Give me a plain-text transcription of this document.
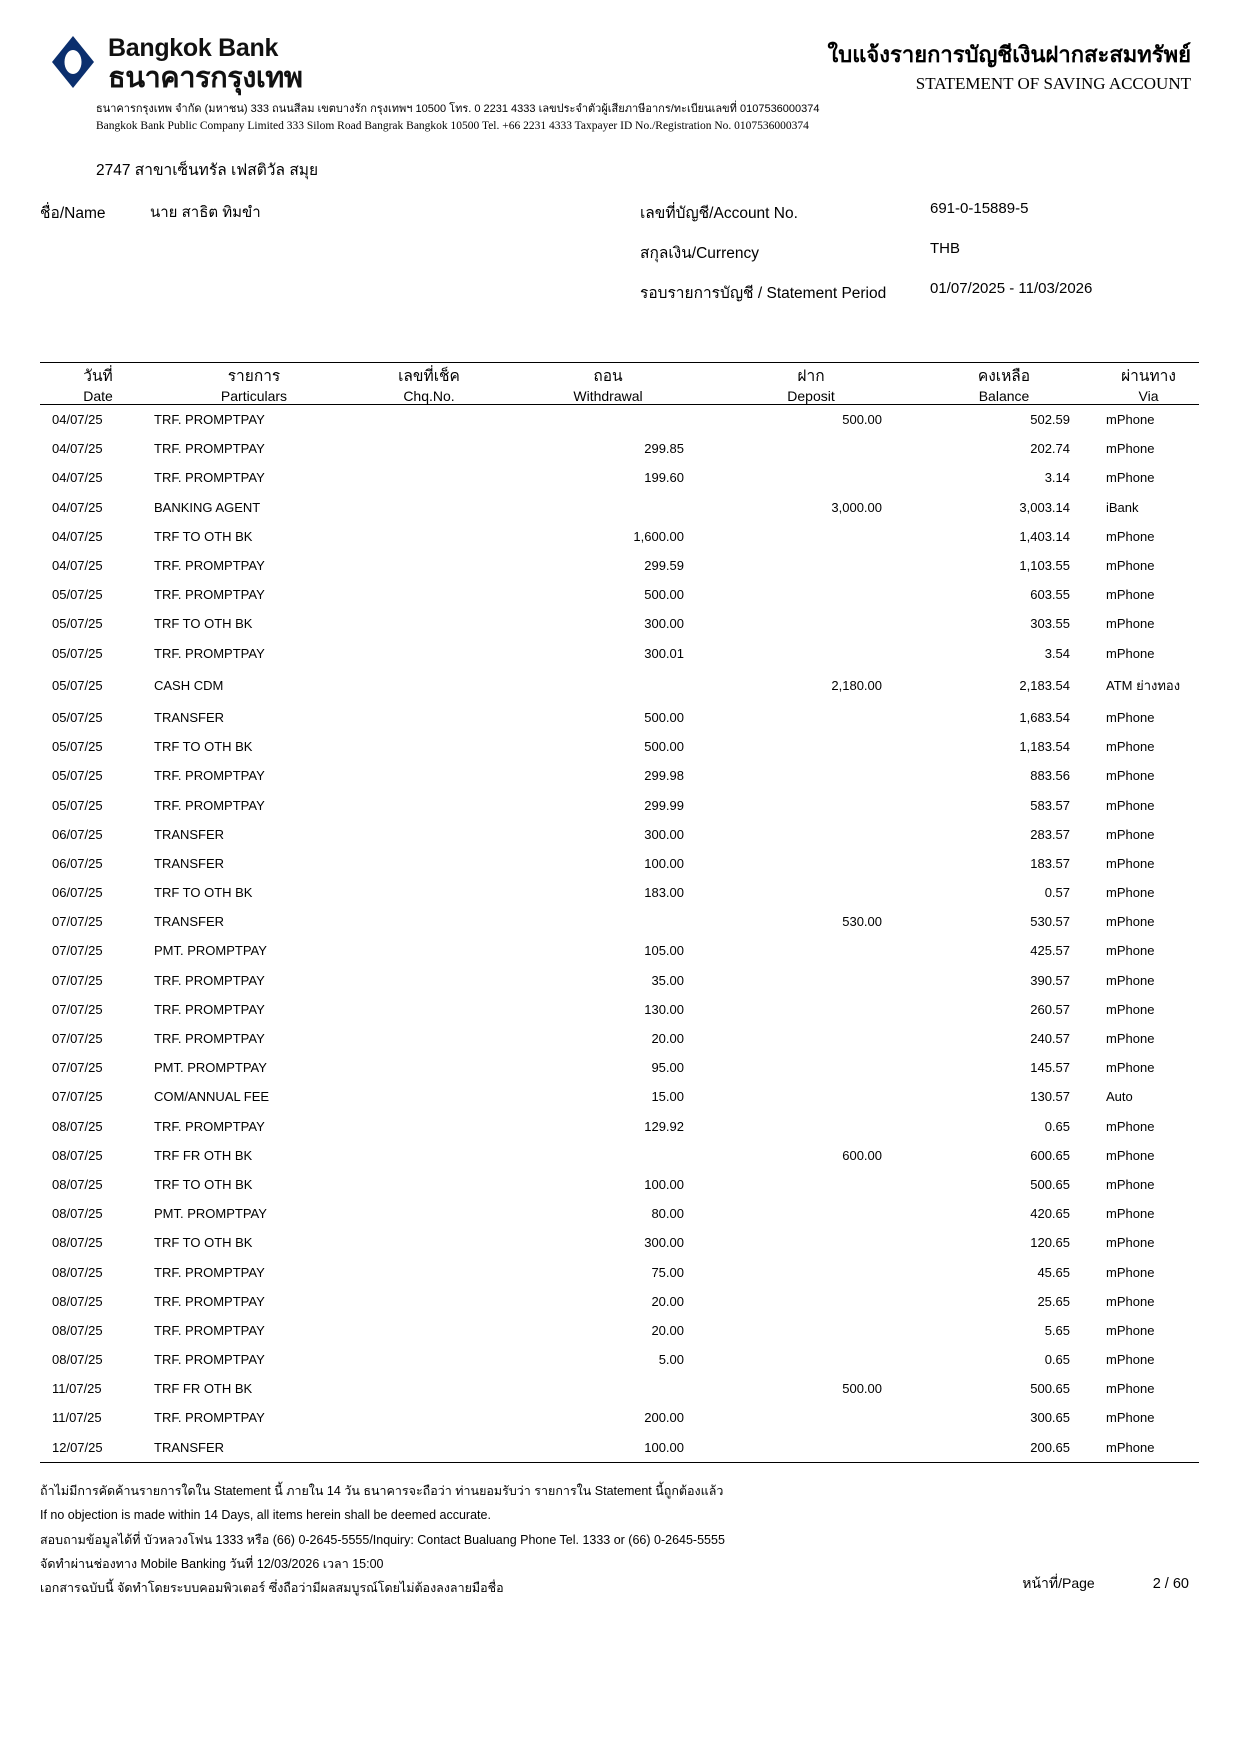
Bangkok Bank
ธนาคารกรุงเทพ
ใบแจ้งรายการบัญชีเงินฝากสะสมทรัพย์
STATEMENT OF SAVING ACCOUNT
ธนาคารกรุงเทพ จำกัด (มหาชน) 333 ถนนสีลม เขตบางรัก กรุงเทพฯ 10500 โทร. 0 2231 4333 เลขประจำตัวผู้เสียภาษีอากร/ทะเบียนเลขที่ 0107536000374
Bangkok Bank Public Company Limited 333 Silom Road Bangrak Bangkok 10500 Tel. +66 2231 4333 Taxpayer ID No./Registration No. 0107536000374
2747 สาขาเซ็นทรัล เฟสติวัล สมุย
ชื่อ/Name	นาย สาธิต ทิมขำ	เลขที่บัญชี/Account No.	691-0-15889-5
สกุลเงิน/Currency	THB
รอบรายการบัญชี / Statement Period	01/07/2025 - 11/03/2026
วันที่	รายการ	เลขที่เช็ค	ถอน	ฝาก	คงเหลือ	ผ่านทาง
Date	Particulars	Chq.No.	Withdrawal	Deposit	Balance	Via
04/07/25	TRF. PROMPTPAY			500.00	502.59	mPhone
04/07/25	TRF. PROMPTPAY		299.85		202.74	mPhone
04/07/25	TRF. PROMPTPAY		199.60		3.14	mPhone
04/07/25	BANKING AGENT			3,000.00	3,003.14	iBank
04/07/25	TRF TO OTH BK		1,600.00		1,403.14	mPhone
04/07/25	TRF. PROMPTPAY		299.59		1,103.55	mPhone
05/07/25	TRF. PROMPTPAY		500.00		603.55	mPhone
05/07/25	TRF TO OTH BK		300.00		303.55	mPhone
05/07/25	TRF. PROMPTPAY		300.01		3.54	mPhone
05/07/25	CASH CDM			2,180.00	2,183.54	ATM ย่างทอง
05/07/25	TRANSFER		500.00		1,683.54	mPhone
05/07/25	TRF TO OTH BK		500.00		1,183.54	mPhone
05/07/25	TRF. PROMPTPAY		299.98		883.56	mPhone
05/07/25	TRF. PROMPTPAY		299.99		583.57	mPhone
06/07/25	TRANSFER		300.00		283.57	mPhone
06/07/25	TRANSFER		100.00		183.57	mPhone
06/07/25	TRF TO OTH BK		183.00		0.57	mPhone
07/07/25	TRANSFER			530.00	530.57	mPhone
07/07/25	PMT. PROMPTPAY		105.00		425.57	mPhone
07/07/25	TRF. PROMPTPAY		35.00		390.57	mPhone
07/07/25	TRF. PROMPTPAY		130.00		260.57	mPhone
07/07/25	TRF. PROMPTPAY		20.00		240.57	mPhone
07/07/25	PMT. PROMPTPAY		95.00		145.57	mPhone
07/07/25	COM/ANNUAL FEE		15.00		130.57	Auto
08/07/25	TRF. PROMPTPAY		129.92		0.65	mPhone
08/07/25	TRF FR OTH BK			600.00	600.65	mPhone
08/07/25	TRF TO OTH BK		100.00		500.65	mPhone
08/07/25	PMT. PROMPTPAY		80.00		420.65	mPhone
08/07/25	TRF TO OTH BK		300.00		120.65	mPhone
08/07/25	TRF. PROMPTPAY		75.00		45.65	mPhone
08/07/25	TRF. PROMPTPAY		20.00		25.65	mPhone
08/07/25	TRF. PROMPTPAY		20.00		5.65	mPhone
08/07/25	TRF. PROMPTPAY		5.00		0.65	mPhone
11/07/25	TRF FR OTH BK			500.00	500.65	mPhone
11/07/25	TRF. PROMPTPAY		200.00		300.65	mPhone
12/07/25	TRANSFER		100.00		200.65	mPhone
ถ้าไม่มีการคัดค้านรายการใดใน Statement นี้ ภายใน 14 วัน ธนาคารจะถือว่า ท่านยอมรับว่า รายการใน Statement นี้ถูกต้องแล้ว
If no objection is made within 14 Days, all items herein shall be deemed accurate.
สอบถามข้อมูลได้ที่ บัวหลวงโฟน 1333 หรือ (66) 0-2645-5555/Inquiry: Contact Bualuang Phone Tel. 1333 or (66) 0-2645-5555
จัดทำผ่านช่องทาง Mobile Banking วันที่ 12/03/2026 เวลา 15:00
เอกสารฉบับนี้ จัดทำโดยระบบคอมพิวเตอร์ ซึ่งถือว่ามีผลสมบูรณ์โดยไม่ต้องลงลายมือชื่อ	หน้าที่/Page	2 / 60
